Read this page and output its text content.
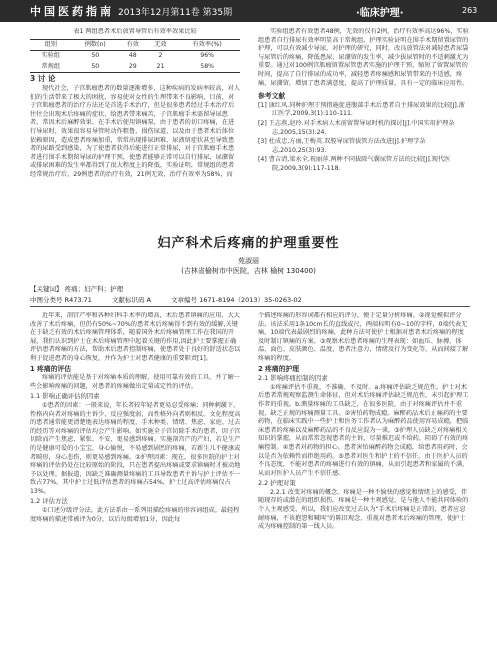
中国医药指南 2013年12月第11卷 第35期	·临床护理·	263
表1 两组患者术后放置导管后有效率效果比较
组别	例数(n)	有效	无效	有效率(%)
实验组	50	48	2	96%
常规组	50	29	21	58%
3 讨 论

现代社会，子宫肌瘤患者的数量逐渐增多，这种疾病的发病率较高，对人们的生活带来了极大的困扰，容易使对女性的生理带来不良影响，目前，对于宫肌瘤患者的治疗方法还是首选手术治疗，但是很多患者经过手术治疗后往往会出现术后疼痛的症状，给患者带来痛苦，子宫肌瘤手术需留导尿患者，常因术后麻醉效果、在手术后使用镇痛泵，由于患者的切口疼痛，在进行导尿时，效果很容易导管时动作粗鲁、损伤尿道，以及由于患者术后体位依赖原因，造成患者疼痛加重，常常出现排尿困难，尿液留症状甚至导致患者的尿路受到感染，为了使患者获得后能进行正常排尿，对于宫肌瘤手术患者进行围手术期留导尿的护理干预，使患者能够正常可以自行排尿，尿潴留或排尿困难的发生率都得到了很大程度上的降低，实验证明，常规组的患者经常规治疗后，29例患者的治疗有效，21例无效，治疗有效率为58%，而

实验组患者有效患者48例，无效的仅有2例，治疗有效率高达96%，实验组患者自行排尿有效率明显高于常规组，护理实验证明在围手术期留置尿管的护理，可以有效减少导尿，对护理的研究，同时，改良放管法对减轻患者尿袋与尿管后的疼痛，降低患尿，尿潴留的发生率，减少拔尿管时的不适刺激尤为重要。通过对100例宫肌瘤留置尿管患者实施的护理干预，缩短了留置尿管的时间，提高了自行排尿的成功率，减轻患者疼痛感和尿管带来的不适感，疼痛，尿潴留，增加了患者满意度，提高了护理质量，具有一定的临床应用性。

参考文献

[1] 康红风.同种护理干预措施促进腹部手术后患者自主排尿效果的比较[J].浙江医学,2009,3(1):110-111.

[2] 王志燕,赵玲.对手术病人术前留置导尿时机的探讨[J].中国实用护理杂志,2005,15(3):24.

[3] 杜成忠,方丽,王梅英.双腔导尿管拔管方法改进[J].护理学杂志,2010,25(3):93.

[4] 曹吉清,梁永全,祝丽萍.两种不同拔除气囊尿管方法的比较[J].现代医院,2009,3(9):117-118.

妇产科术后疼痛的护理重要性
苑淑丽
(吉林省榆树市中医院，吉林 榆树 130400)
【关键词】 疼痛；妇产科；护理
中图分类号 R473.71	文献标识码 A	文章编号 1671-8194（2013）35-0263-02

近年来，剖宫产率和各种妇科手术率的增高，术后患者镇痛的应用，大大改善了术后疼痛，但仍有50%~70%的患者术后疼痛得不到有效的缓解,关键在于缺乏有效的术后疼痛管理体系，随着国外术后疼痛管理工作在我国的开展，我们认识到护士在术后疼痛管理中起着关键的作用,因此护士要掌握正确评估患者疼痛的方法，帮助术后患者控制疼痛，使患者处于良好的舒适状态以利于促进患者的身心恢复，并作为护士对患者健康的重要职责[1]。

1 疼痛的评估

疼痛的评估能是基于对疼痛本质的理解，使用可靠有效的工具，并了解一些会影响疼痛的问题，对患者的疼痛做出定量或定性的评估。

1.1 影响正确评估的因素

①患者的因素：一般来说，年长者较年轻者更易忍受疼痛；同种刺激下，性格内向者对疼痛的主诉少，反应强度弱，而性格外向者则相反。文化程度高的患者通常能更清楚地表达疼痛的程度，手术种类、情绪、焦虑、家庭、过去的经历等对疼痛的评估均会产生影响。如实施全子宫切除手术的患者，因子宫切除而产生焦虑、紧张、不安、更易感到疼痛。实施剖宫产的产妇，若是生产的是健康可爱的小宝宝，身心愉悦，不易感到剧烈的疼痛，若新生儿不健康或者畸形，身心悲伤，则更易感到疼痛。②护理因素：现在，很多医院的护士对疼痛的评估仍处在比较原始的阶段，只在患者提出疼痛或要求镇痛时才被动地予以处理。据报道，因缺乏准确测量疼痛的工具导致患者主诉与护士评估不一致占77%。其中护士过低评估患者的疼痛占54%，护士过高评估疼痛仅占13%。

1.2 评估方法

①口述分级评分法。此方法系由一系列用描绘疼痛的形容词组成。最轻程度疼痛的描述常被评为0分，以后每级增加1分，因此每

个描述疼痛的形容词都有相应的评分，便于定量分析疼痛。②视觉模拟评分法。该法采用1条10cm长的直线或尺，两端标明有0~10的字样，0端代表无痛，10端代表最剧烈的疼痛，此种方法可使护士根据对患者术后疼痛的程度及时制订镇痛的方案。③观察术后患者疼痛的生理表现：如血压、脉搏、体温、面色、皮肤颜色、温度，患者注意力，情绪及行为变化等，从而间接了解疼痛的程度。

2 疼痛的护理
2.1 影响疼痛控制的因素

①疼痛评估不重视、不准确、不及时。a.疼痛评估缺乏规范性。护士对术后患者常规观察监测生命体征，但对术后疼痛评估缺乏规范性，未引起护理工作者的重视。b.测量疼痛的工具缺乏，在很多医院，由于对疼痛评估并不重视，缺乏正规的疼痛测量工具。②害怕药物成瘾。麻醉药品术后止痛药的主要药物，在临床实践中一些护士和医务工作者认为麻醉药品使用容易成瘾，把临床患者的疼痛以及麻醉药品的不良反应混为一谈。③护理人员缺乏对疼痛相关知识的掌握，从而常常忽视患者的主诉，尽量推迟或不给药，阻碍了有效的疼痛控制。④患者对药物的担心。患者害怕麻醉药物会成瘾，给患者用药时，会以是否为依赖性而拒绝用药。⑤患者对医生和护士的不信任。由于医护人员的不良态度，不能对患者的疼痛进行有效的镇痛，从而引起患者和家属的不满，从而对医护人员产生不信任感。

2.2 护理对策

2.2.1 改变对疼痛的概念。疼痛是一种不愉快的感觉和情绪上的感受，伴随现存的或潜在的组织损伤。疼痛是一种主观感觉，是与他人不能共同体验的个人主观感受，所以，我们应改变过去认为“手术后疼痛是正常的，患者应忍耐疼痛，不该抱怨和喊叫”的陈旧观念，重视对患者术后疼痛的管理，使护士成为疼痛控制的第一线人员。
